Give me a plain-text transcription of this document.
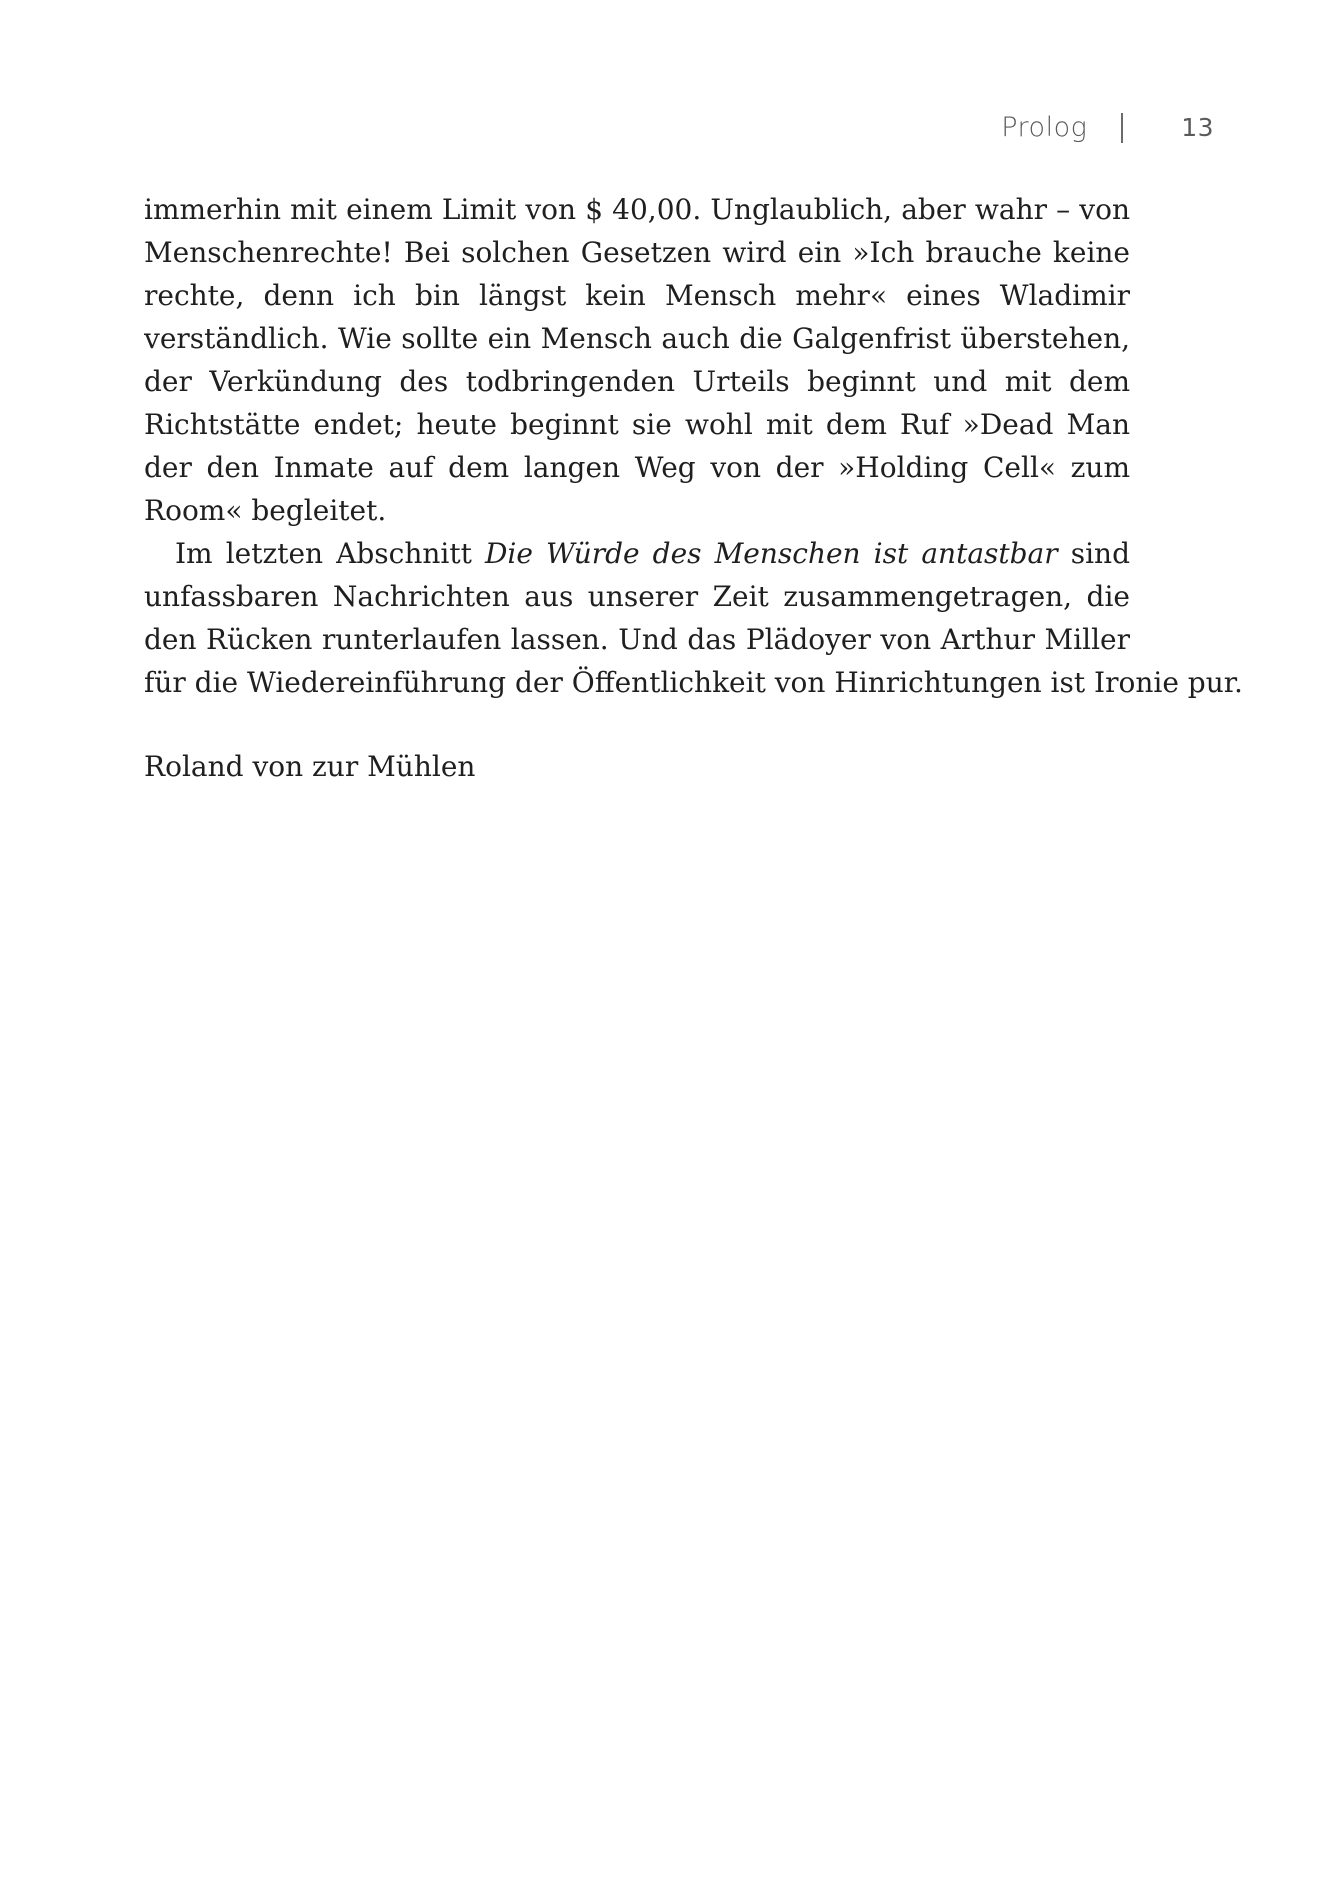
Prolog	13
immerhin mit einem Limit von $ 40,00. Unglaublich, aber wahr – von
Menschenrechte! Bei solchen Gesetzen wird ein »Ich brauche keine
rechte, denn ich bin längst kein Mensch mehr« eines Wladimir
verständlich. Wie sollte ein Mensch auch die Galgenfrist überstehen,
der Verkündung des todbringenden Urteils beginnt und mit dem
Richtstätte endet; heute beginnt sie wohl mit dem Ruf »Dead Man
der den Inmate auf dem langen Weg von der »Holding Cell« zum
Room« begleitet.
Im letzten Abschnitt Die Würde des Menschen ist antastbar sind
unfassbaren Nachrichten aus unserer Zeit zusammengetragen, die
den Rücken runterlaufen lassen. Und das Plädoyer von Arthur Miller
für die Wiedereinführung der Öffentlichkeit von Hinrichtungen ist Ironie pur.
Roland von zur Mühlen
